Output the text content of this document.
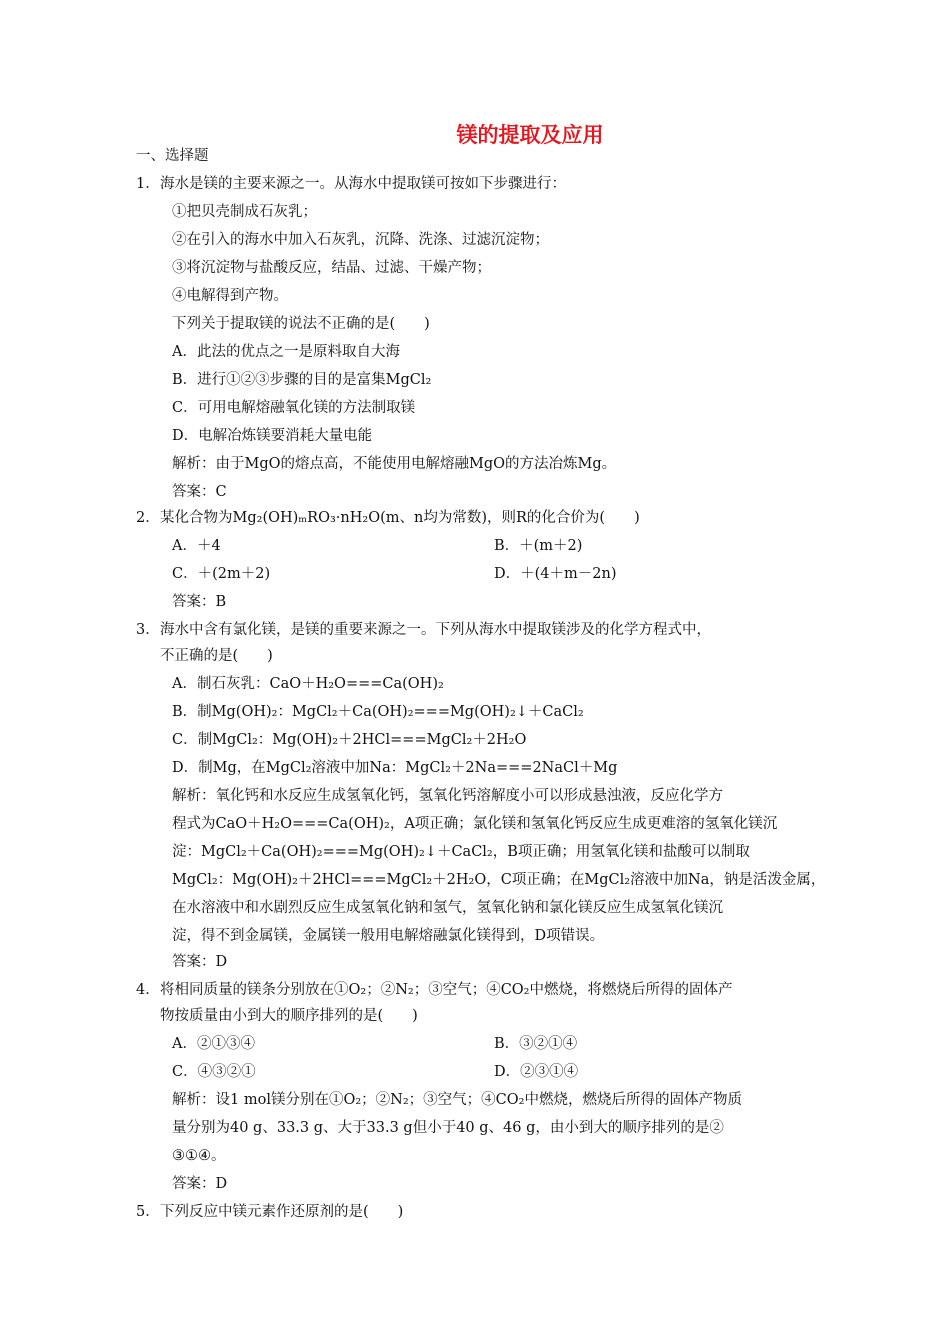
镁的提取及应用
一、选择题
1． 海水是镁的主要来源之一。从海水中提取镁可按如下步骤进行：
①把贝壳制成石灰乳；
②在引入的海水中加入石灰乳，沉降、洗涤、过滤沉淀物；
③将沉淀物与盐酸反应，结晶、过滤、干燥产物；
④电解得到产物。
下列关于提取镁的说法不正确的是(　　)
A．此法的优点之一是原料取自大海
B．进行①②③步骤的目的是富集MgCl₂
C．可用电解熔融氧化镁的方法制取镁
D．电解冶炼镁要消耗大量电能
解析：由于MgO的熔点高，不能使用电解熔融MgO的方法冶炼Mg。
答案：C
2． 某化合物为Mg₂(OH)ₘRO₃·nH₂O(m、n均为常数)，则R的化合价为(　　)
A．＋4	B．＋(m＋2)
C．＋(2m＋2)	D．＋(4＋m－2n)
答案：B
3． 海水中含有氯化镁，是镁的重要来源之一。下列从海水中提取镁涉及的化学方程式中，
不正确的是(　　)
A．制石灰乳：CaO＋H₂O===Ca(OH)₂
B．制Mg(OH)₂：MgCl₂＋Ca(OH)₂===Mg(OH)₂↓＋CaCl₂
C．制MgCl₂：Mg(OH)₂＋2HCl===MgCl₂＋2H₂O
D．制Mg，在MgCl₂溶液中加Na：MgCl₂＋2Na===2NaCl＋Mg
解析：氧化钙和水反应生成氢氧化钙，氢氧化钙溶解度小可以形成悬浊液，反应化学方
程式为CaO＋H₂O===Ca(OH)₂，A项正确；氯化镁和氢氧化钙反应生成更难溶的氢氧化镁沉
淀：MgCl₂＋Ca(OH)₂===Mg(OH)₂↓＋CaCl₂，B项正确；用氢氧化镁和盐酸可以制取
MgCl₂：Mg(OH)₂＋2HCl===MgCl₂＋2H₂O，C项正确；在MgCl₂溶液中加Na，钠是活泼金属，
在水溶液中和水剧烈反应生成氢氧化钠和氢气，氢氧化钠和氯化镁反应生成氢氧化镁沉
淀，得不到金属镁，金属镁一般用电解熔融氯化镁得到，D项错误。
答案：D
4． 将相同质量的镁条分别放在①O₂；②N₂；③空气；④CO₂中燃烧，将燃烧后所得的固体产
物按质量由小到大的顺序排列的是(　　)
A．②①③④	B．③②①④
C．④③②①	D．②③①④
解析：设1 mol镁分别在①O₂；②N₂；③空气；④CO₂中燃烧，燃烧后所得的固体产物质
量分别为40 g、33.3 g、大于33.3 g但小于40 g、46 g，由小到大的顺序排列的是②
③①④。
答案：D
5． 下列反应中镁元素作还原剂的是(　　)
